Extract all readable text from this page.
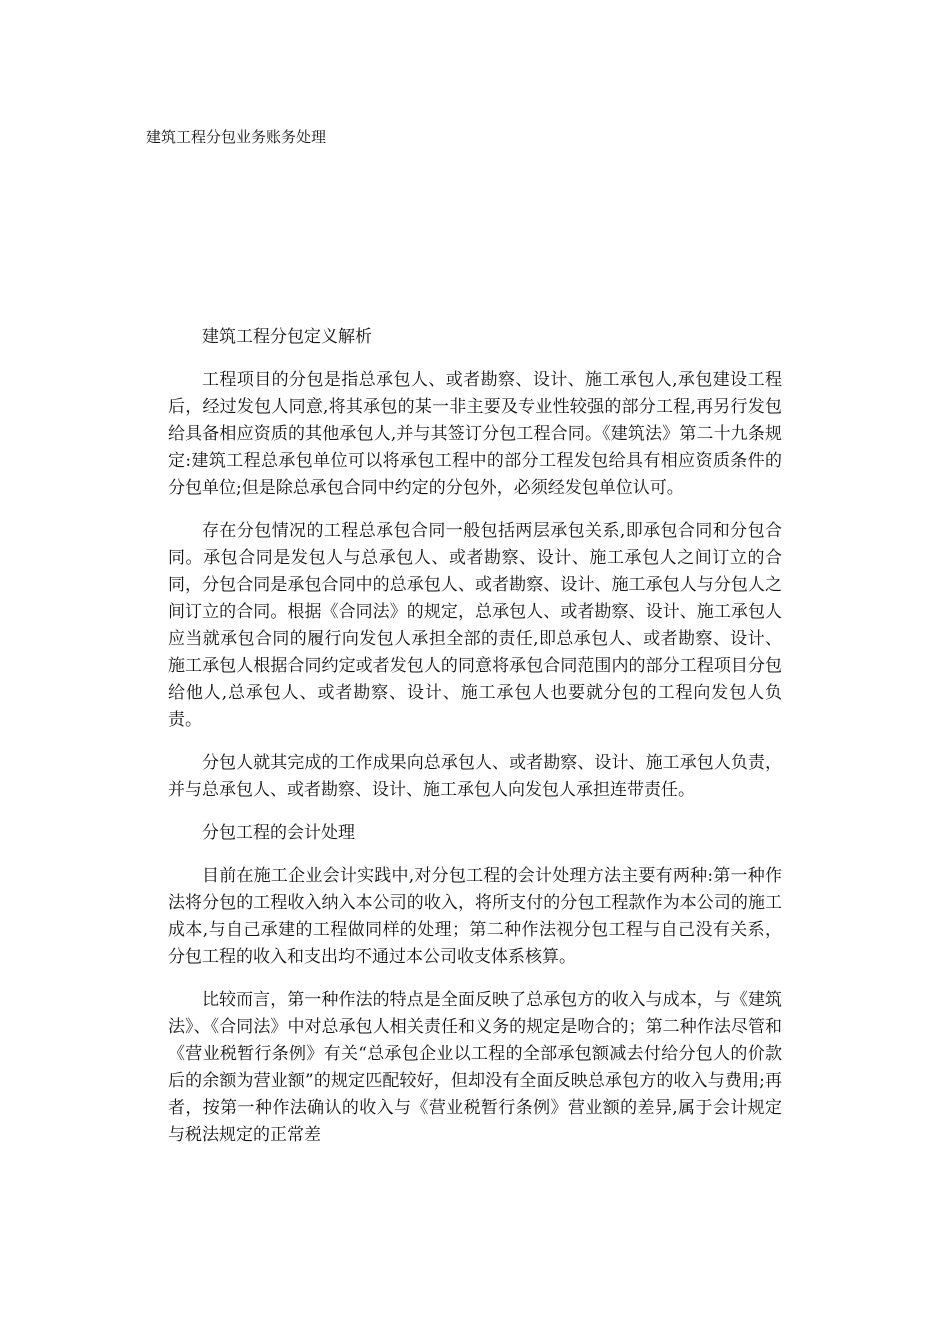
建筑工程分包业务账务处理
建筑工程分包定义解析

工程项目的分包是指总承包人、或者勘察、设计、施工承包人,承包建设工程后，经过发包人同意,将其承包的某一非主要及专业性较强的部分工程,再另行发包给具备相应资质的其他承包人,并与其签订分包工程合同。《建筑法》第二十九条规定:建筑工程总承包单位可以将承包工程中的部分工程发包给具有相应资质条件的分包单位;但是除总承包合同中约定的分包外，必须经发包单位认可。

存在分包情况的工程总承包合同一般包括两层承包关系,即承包合同和分包合同。承包合同是发包人与总承包人、或者勘察、设计、施工承包人之间订立的合同，分包合同是承包合同中的总承包人、或者勘察、设计、施工承包人与分包人之间订立的合同。根据《合同法》的规定，总承包人、或者勘察、设计、施工承包人应当就承包合同的履行向发包人承担全部的责任,即总承包人、或者勘察、设计、施工承包人根据合同约定或者发包人的同意将承包合同范围内的部分工程项目分包给他人,总承包人、或者勘察、设计、施工承包人也要就分包的工程向发包人负责。

分包人就其完成的工作成果向总承包人、或者勘察、设计、施工承包人负责，并与总承包人、或者勘察、设计、施工承包人向发包人承担连带责任。

分包工程的会计处理

目前在施工企业会计实践中,对分包工程的会计处理方法主要有两种:第一种作法将分包的工程收入纳入本公司的收入，将所支付的分包工程款作为本公司的施工成本,与自己承建的工程做同样的处理；第二种作法视分包工程与自己没有关系，分包工程的收入和支出均不通过本公司收支体系核算。

比较而言，第一种作法的特点是全面反映了总承包方的收入与成本，与《建筑法》、《合同法》中对总承包人相关责任和义务的规定是吻合的；第二种作法尽管和《营业税暂行条例》有关“总承包企业以工程的全部承包额减去付给分包人的价款后的余额为营业额”的规定匹配较好，但却没有全面反映总承包方的收入与费用;再者，按第一种作法确认的收入与《营业税暂行条例》营业额的差异,属于会计规定与税法规定的正常差
